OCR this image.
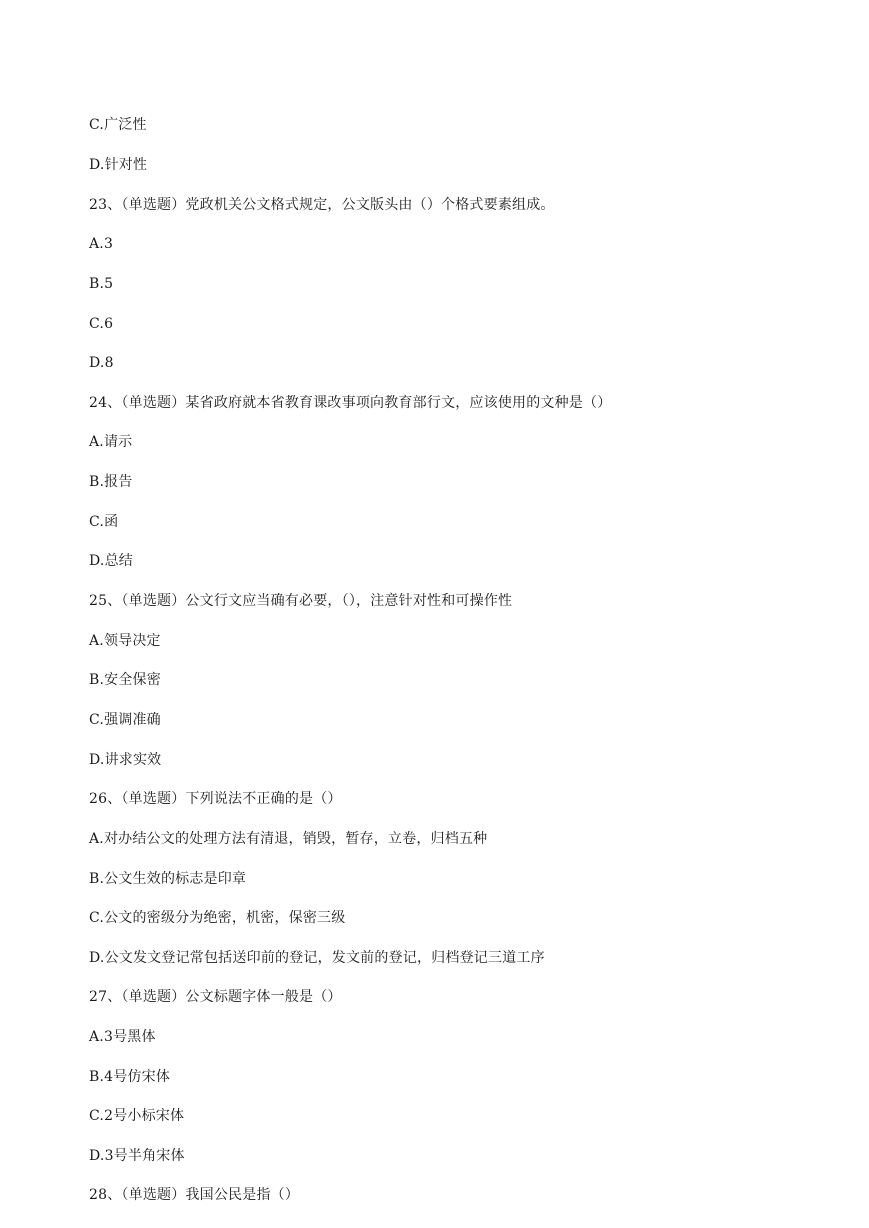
C.广泛性
D.针对性
23、（单选题）党政机关公文格式规定，公文版头由（）个格式要素组成。
A.3
B.5
C.6
D.8
24、（单选题）某省政府就本省教育课改事项向教育部行文，应该使用的文种是（）
A.请示
B.报告
C.函
D.总结
25、（单选题）公文行文应当确有必要，（），注意针对性和可操作性
A.领导决定
B.安全保密
C.强调准确
D.讲求实效
26、（单选题）下列说法不正确的是（）
A.对办结公文的处理方法有清退，销毁，暂存，立卷，归档五种
B.公文生效的标志是印章
C.公文的密级分为绝密，机密，保密三级
D.公文发文登记常包括送印前的登记，发文前的登记，归档登记三道工序
27、（单选题）公文标题字体一般是（）
A.3号黑体
B.4号仿宋体
C.2号小标宋体
D.3号半角宋体
28、（单选题）我国公民是指（）
